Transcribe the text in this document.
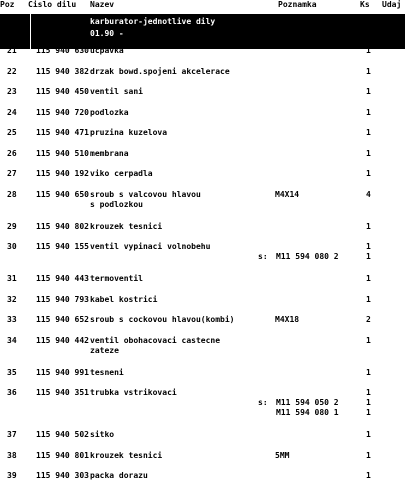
Poz Cislo dilu Nazev	Poznamka	Ks Udaj
karburator-jednotlive dily
01.90 -
21 115 940 630 ucpavka	1
22 115 940 382 drzak bowd.spojeni akcelerace	1
23 115 940 450 ventil sani	1
24 115 940 720 podlozka	1
25 115 940 471 pruzina kuzelova	1
26 115 940 510 membrana	1
27 115 940 192 viko cerpadla	1
28 115 940 650 sroub s valcovou hlavou	M4X14	4
s podlozkou
29 115 940 802 krouzek tesnici	1
30 115 940 155 ventil vypinaci volnobehu	1
s: M11 594 080 2	1
31 115 940 443 termoventil	1
32 115 940 793 kabel kostrici	1
33 115 940 652 sroub s cockovou hlavou(kombi)	M4X18	2
34 115 940 442 ventil obohacovaci castecne	1
zateze
35 115 940 991 tesneni	1
36 115 940 351 trubka vstrikovaci	1
s: M11 594 050 2	1
M11 594 080 1	1
37 115 940 502 sitko	1
38 115 940 801 krouzek tesnici	5MM	1
39 115 940 303 packa dorazu	1
